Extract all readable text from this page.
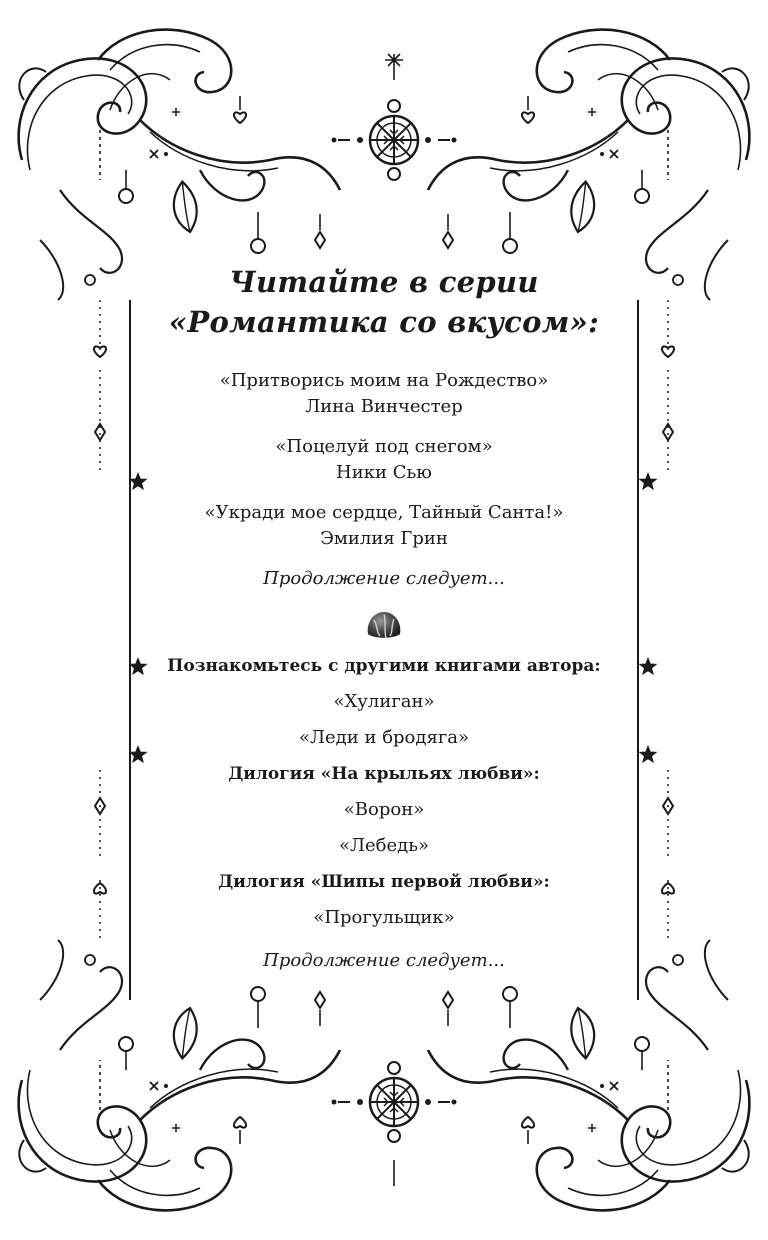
Читайте в серии
«Романтика со вкусом»:
«Притворись моим на Рождество»
Лина Винчестер
«Поцелуй под снегом»
Ники Сью
«Укради мое сердце, Тайный Санта!»
Эмилия Грин
Продолжение следует...
Познакомьтесь с другими книгами автора:
«Хулиган»
«Леди и бродяга»
Дилогия «На крыльях любви»:
«Ворон»
«Лебедь»
Дилогия «Шипы первой любви»:
«Прогульщик»
Продолжение следует...
